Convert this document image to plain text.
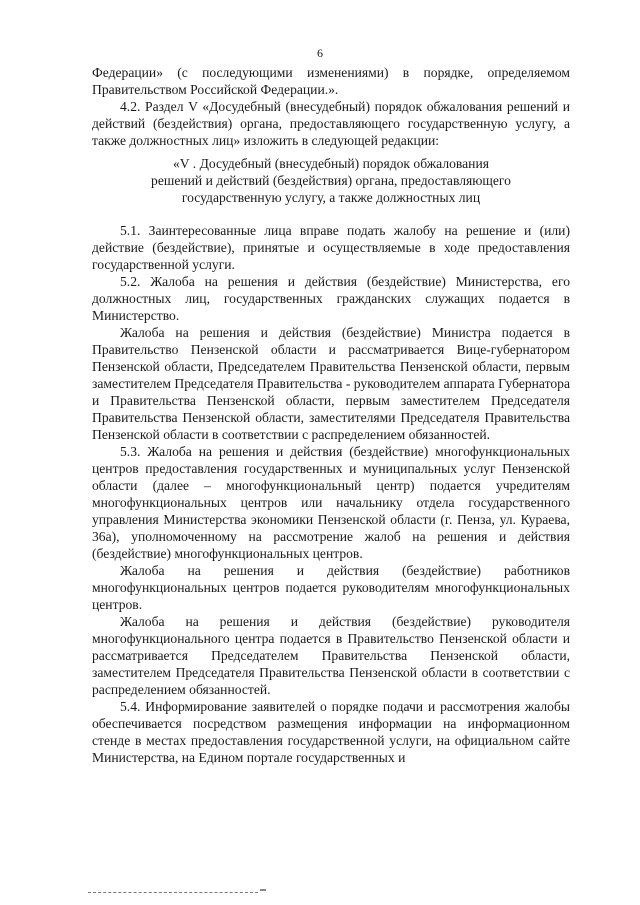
6

Федерации» (с последующими изменениями) в порядке, определяемом Правительством Российской Федерации.».

4.2. Раздел V «Досудебный (внесудебный) порядок обжалования решений и действий (бездействия) органа, предоставляющего государственную услугу, а также должностных лиц» изложить в следующей редакции:

«V . Досудебный (внесудебный) порядок обжалования
решений и действий (бездействия) органа, предоставляющего
государственную услугу, а также должностных лиц

5.1. Заинтересованные лица вправе подать жалобу на решение и (или) действие (бездействие), принятые и осуществляемые в ходе предоставления государственной услуги.

5.2. Жалоба на решения и действия (бездействие) Министерства, его должностных лиц, государственных гражданских служащих подается в Министерство.

Жалоба на решения и действия (бездействие) Министра подается в Правительство Пензенской области и рассматривается Вице-губернатором Пензенской области, Председателем Правительства Пензенской области, первым заместителем Председателя Правительства - руководителем аппарата Губернатора и Правительства Пензенской области, первым заместителем Председателя Правительства Пензенской области, заместителями Председателя Правительства Пензенской области в соответствии с распределением обязанностей.

5.3. Жалоба на решения и действия (бездействие) многофункциональных центров предоставления государственных и муниципальных услуг Пензенской области (далее – многофункциональный центр) подается учредителям многофункциональных центров или начальнику отдела государственного управления Министерства экономики Пензенской области (г. Пенза, ул. Кураева, 36а), уполномоченному на рассмотрение жалоб на решения и действия (бездействие) многофункциональных центров.

Жалоба на решения и действия (бездействие) работников многофункциональных центров подается руководителям многофункциональных центров.

Жалоба на решения и действия (бездействие) руководителя многофункционального центра подается в Правительство Пензенской области и рассматривается Председателем Правительства Пензенской области, заместителем Председателя Правительства Пензенской области в соответствии с распределением обязанностей.

5.4. Информирование заявителей о порядке подачи и рассмотрения жалобы обеспечивается посредством размещения информации на информационном стенде в местах предоставления государственной услуги, на официальном сайте Министерства, на Едином портале государственных и
